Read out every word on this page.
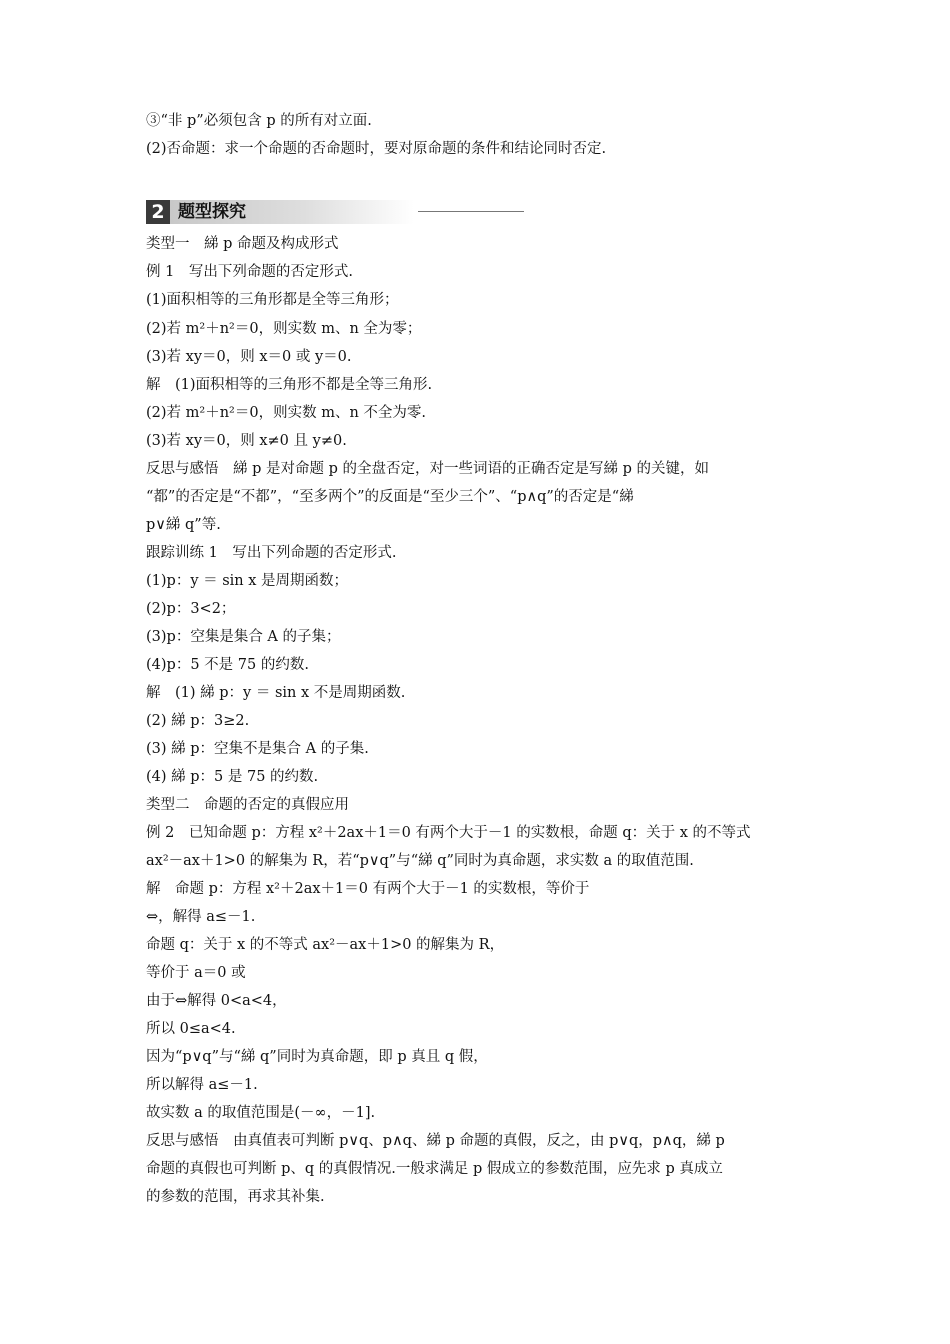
③“非 p”必须包含 p 的所有对立面.
(2)否命题：求一个命题的否命题时，要对原命题的条件和结论同时否定.
类型一　綈 p 命题及构成形式
例 1　写出下列命题的否定形式.
(1)面积相等的三角形都是全等三角形；
(2)若 m²＋n²＝0，则实数 m、n 全为零；
(3)若 xy＝0，则 x＝0 或 y＝0.
解　(1)面积相等的三角形不都是全等三角形.
(2)若 m²＋n²＝0，则实数 m、n 不全为零.
(3)若 xy＝0，则 x≠0 且 y≠0.
反思与感悟　綈 p 是对命题 p 的全盘否定，对一些词语的正确否定是写綈 p 的关键，如
“都”的否定是“不都”，“至多两个”的反面是“至少三个”、“p∧q”的否定是“綈
p∨綈 q”等.
跟踪训练 1　写出下列命题的否定形式.
(1)p：y ＝ sin x 是周期函数；
(2)p：3<2；
(3)p：空集是集合 A 的子集；
(4)p：5 不是 75 的约数.
解　(1) 綈 p：y ＝ sin x 不是周期函数.
(2) 綈 p：3≥2.
(3) 綈 p：空集不是集合 A 的子集.
(4) 綈 p：5 是 75 的约数.
类型二　命题的否定的真假应用
例 2　已知命题 p：方程 x²＋2ax＋1＝0 有两个大于－1 的实数根，命题 q：关于 x 的不等式
ax²－ax＋1>0 的解集为 R，若“p∨q”与“綈 q”同时为真命题，求实数 a 的取值范围.
解　命题 p：方程 x²＋2ax＋1＝0 有两个大于－1 的实数根，等价于
⇔，解得 a≤－1.
命题 q：关于 x 的不等式 ax²－ax＋1>0 的解集为 R，
等价于 a＝0 或
由于⇔解得 0<a<4，
所以 0≤a<4.
因为“p∨q”与“綈 q”同时为真命题，即 p 真且 q 假，
所以解得 a≤－1.
故实数 a 的取值范围是(－∞，－1].
反思与感悟　由真值表可判断 p∨q、p∧q、綈 p 命题的真假，反之，由 p∨q，p∧q，綈 p
命题的真假也可判断 p、q 的真假情况.一般求满足 p 假成立的参数范围，应先求 p 真成立
的参数的范围，再求其补集.
2 题型探究
